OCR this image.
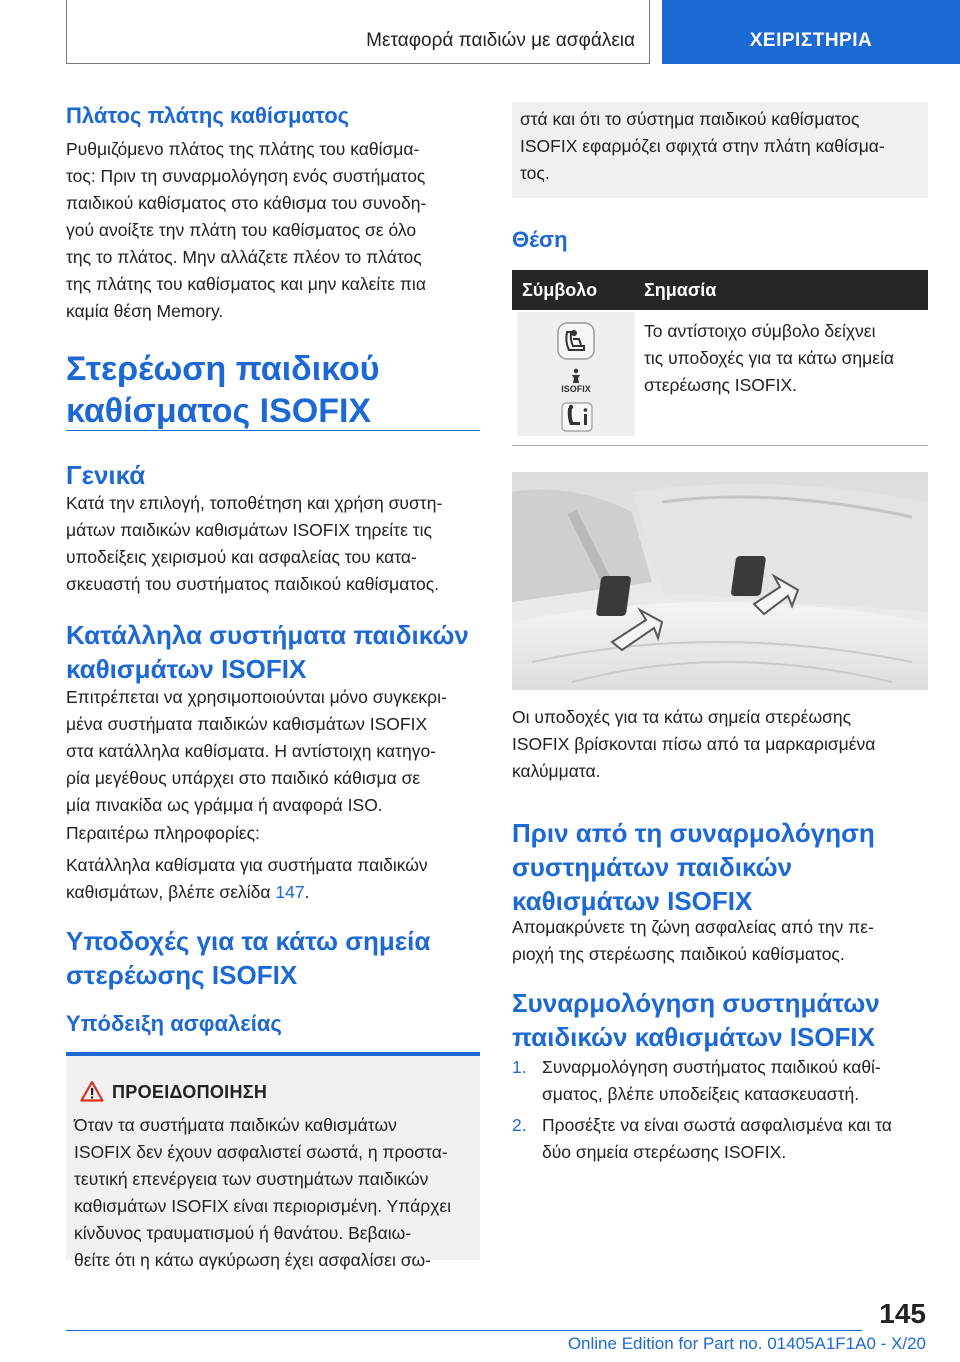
Μεταφορά παιδιών με ασφάλεια	ΧΕΙΡΙΣΤΗΡΙΑ
Πλάτος πλάτης καθίσματος
Ρυθμιζόμενο πλάτος της πλάτης του καθίσμα-
τος: Πριν τη συναρμολόγηση ενός συστήματος
παιδικού καθίσματος στο κάθισμα του συνοδη-
γού ανοίξτε την πλάτη του καθίσματος σε όλο
της το πλάτος. Μην αλλάζετε πλέον το πλάτος
της πλάτης του καθίσματος και μην καλείτε πια
καμία θέση Memory.
Στερέωση παιδικού
καθίσματος ISOFIX
Γενικά
Κατά την επιλογή, τοποθέτηση και χρήση συστη-
μάτων παιδικών καθισμάτων ISOFIX τηρείτε τις
υποδείξεις χειρισμού και ασφαλείας του κατα-
σκευαστή του συστήματος παιδικού καθίσματος.
Κατάλληλα συστήματα παιδικών
καθισμάτων ISOFIX
Επιτρέπεται να χρησιμοποιούνται μόνο συγκεκρι-
μένα συστήματα παιδικών καθισμάτων ISOFIX
στα κατάλληλα καθίσματα. Η αντίστοιχη κατηγο-
ρία μεγέθους υπάρχει στο παιδικό κάθισμα σε
μία πινακίδα ως γράμμα ή αναφορά ISO.
Περαιτέρω πληροφορίες:
Κατάλληλα καθίσματα για συστήματα παιδικών
καθισμάτων, βλέπε σελίδα 147.
Υποδοχές για τα κάτω σημεία
στερέωσης ISOFIX
Υπόδειξη ασφαλείας
ΠΡΟΕΙΔΟΠΟΙΗΣΗ
Όταν τα συστήματα παιδικών καθισμάτων
ISOFIX δεν έχουν ασφαλιστεί σωστά, η προστα-
τευτική επενέργεια των συστημάτων παιδικών
καθισμάτων ISOFIX είναι περιορισμένη. Υπάρχει
κίνδυνος τραυματισμού ή θανάτου. Βεβαιω-
θείτε ότι η κάτω αγκύρωση έχει ασφαλίσει σω-
στά και ότι το σύστημα παιδικού καθίσματος
ISOFIX εφαρμόζει σφιχτά στην πλάτη καθίσμα-
τος.
Θέση
Σύμβολο	Σημασία
ISOFIX
Το αντίστοιχο σύμβολο δείχνει
τις υποδοχές για τα κάτω σημεία
στερέωσης ISOFIX.
Οι υποδοχές για τα κάτω σημεία στερέωσης
ISOFIX βρίσκονται πίσω από τα μαρκαρισμένα
καλύμματα.
Πριν από τη συναρμολόγηση
συστημάτων παιδικών
καθισμάτων ISOFIX
Απομακρύνετε τη ζώνη ασφαλείας από την πε-
ριοχή της στερέωσης παιδικού καθίσματος.
Συναρμολόγηση συστημάτων
παιδικών καθισμάτων ISOFIX
1. Συναρμολόγηση συστήματος παιδικού καθί-
σματος, βλέπε υποδείξεις κατασκευαστή.
2. Προσέξτε να είναι σωστά ασφαλισμένα και τα
δύο σημεία στερέωσης ISOFIX.
145
Online Edition for Part no. 01405A1F1A0 - X/20
